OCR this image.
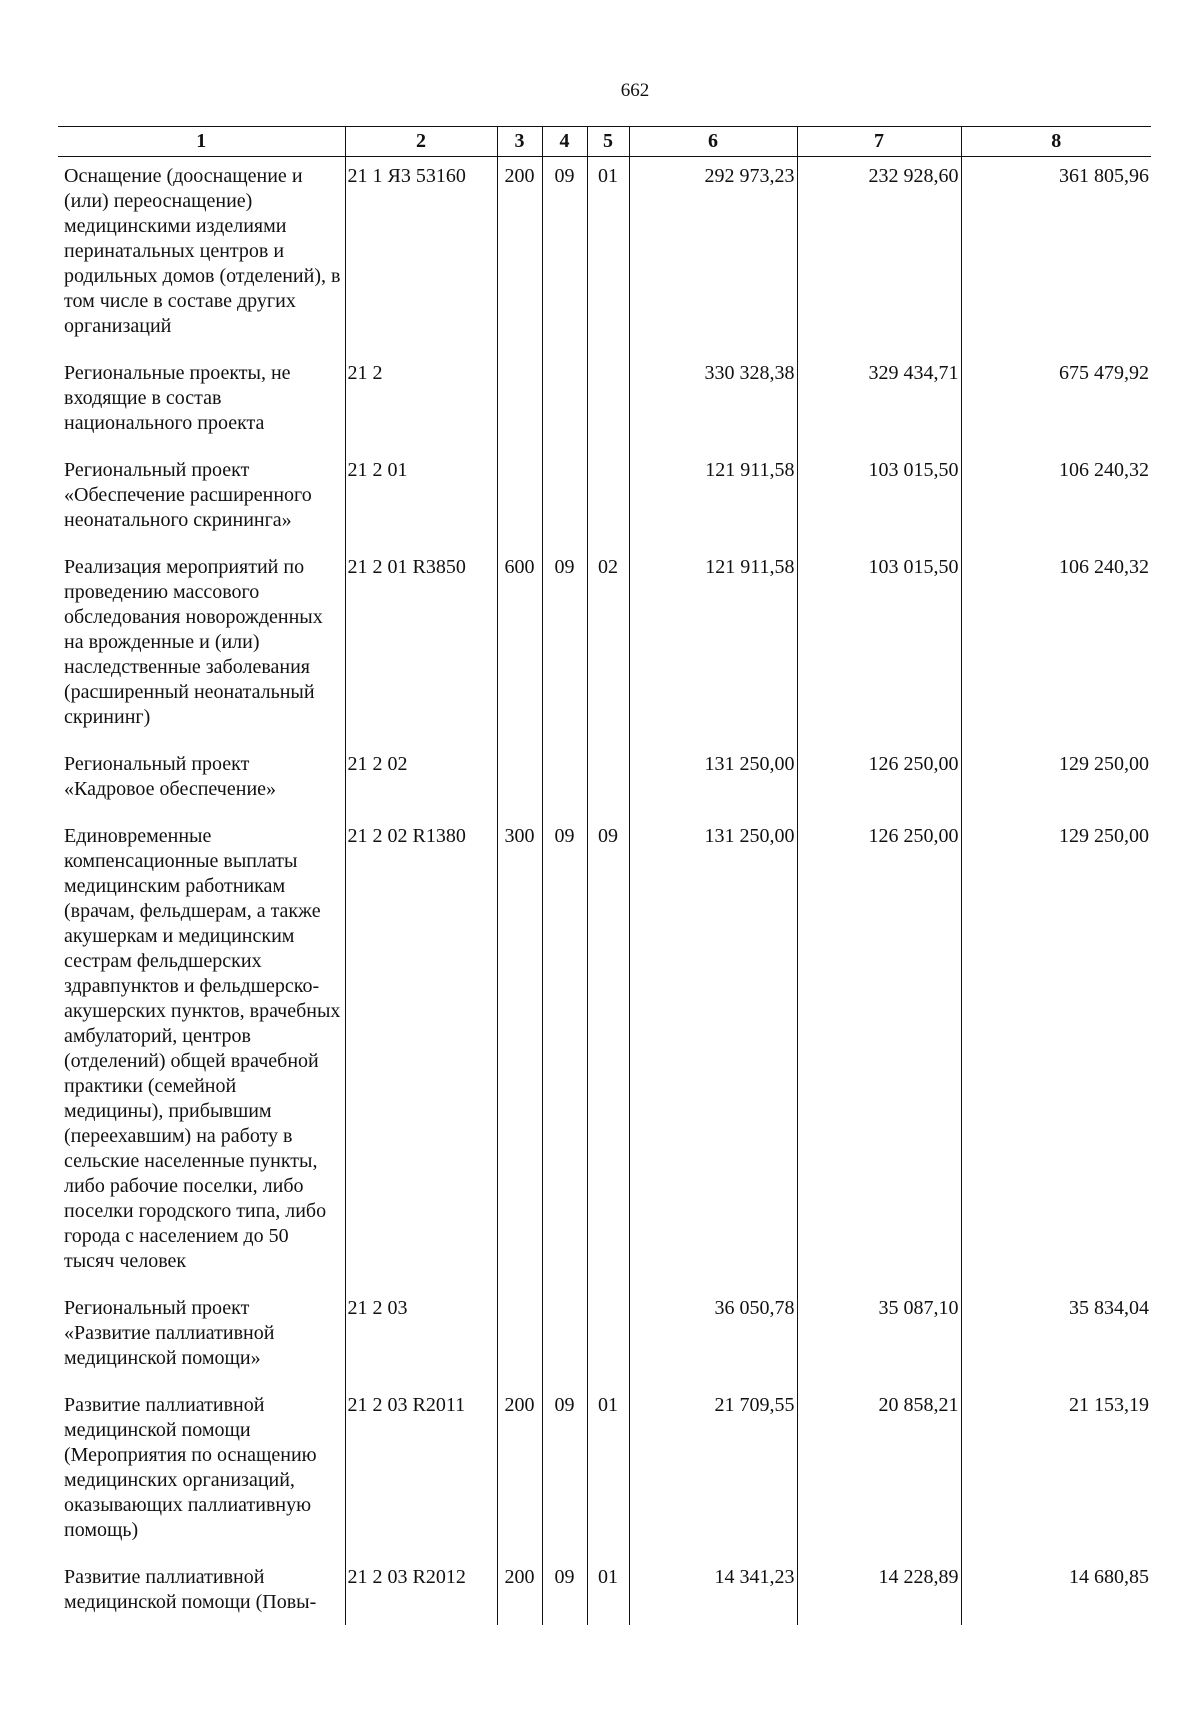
662
1	2	3	4	5	6	7	8
Оснащение (дооснащение и (или) переоснащение) медицинскими изделиями перинатальных центров и родильных домов (отделений), в том числе в составе других организаций	21 1 Я3 53160	200	09	01	292 973,23	232 928,60	361 805,96
Региональные проекты, не входящие в состав национального проекта	21 2				330 328,38	329 434,71	675 479,92
Региональный проект «Обеспечение расширенного неонатального скрининга»	21 2 01				121 911,58	103 015,50	106 240,32
Реализация мероприятий по проведению массового обследования новорожденных на врожденные и (или) наследственные заболевания (расширенный неонатальный скрининг)	21 2 01 R3850	600	09	02	121 911,58	103 015,50	106 240,32
Региональный проект «Кадровое обеспечение»	21 2 02				131 250,00	126 250,00	129 250,00
Единовременные компенсационные выплаты медицинским работникам (врачам, фельдшерам, а также акушеркам и медицинским сестрам фельдшерских здравпунктов и фельдшерско-акушерских пунктов, врачебных амбулаторий, центров (отделений) общей врачебной практики (семейной медицины), прибывшим (переехавшим) на работу в сельские населенные пункты, либо рабочие поселки, либо поселки городского типа, либо города с населением до 50 тысяч человек	21 2 02 R1380	300	09	09	131 250,00	126 250,00	129 250,00
Региональный проект «Развитие паллиативной медицинской помощи»	21 2 03				36 050,78	35 087,10	35 834,04
Развитие паллиативной медицинской помощи (Мероприятия по оснащению медицинских организаций, оказывающих паллиативную помощь)	21 2 03 R2011	200	09	01	21 709,55	20 858,21	21 153,19
Развитие паллиативной медицинской помощи (Повы-	21 2 03 R2012	200	09	01	14 341,23	14 228,89	14 680,85
